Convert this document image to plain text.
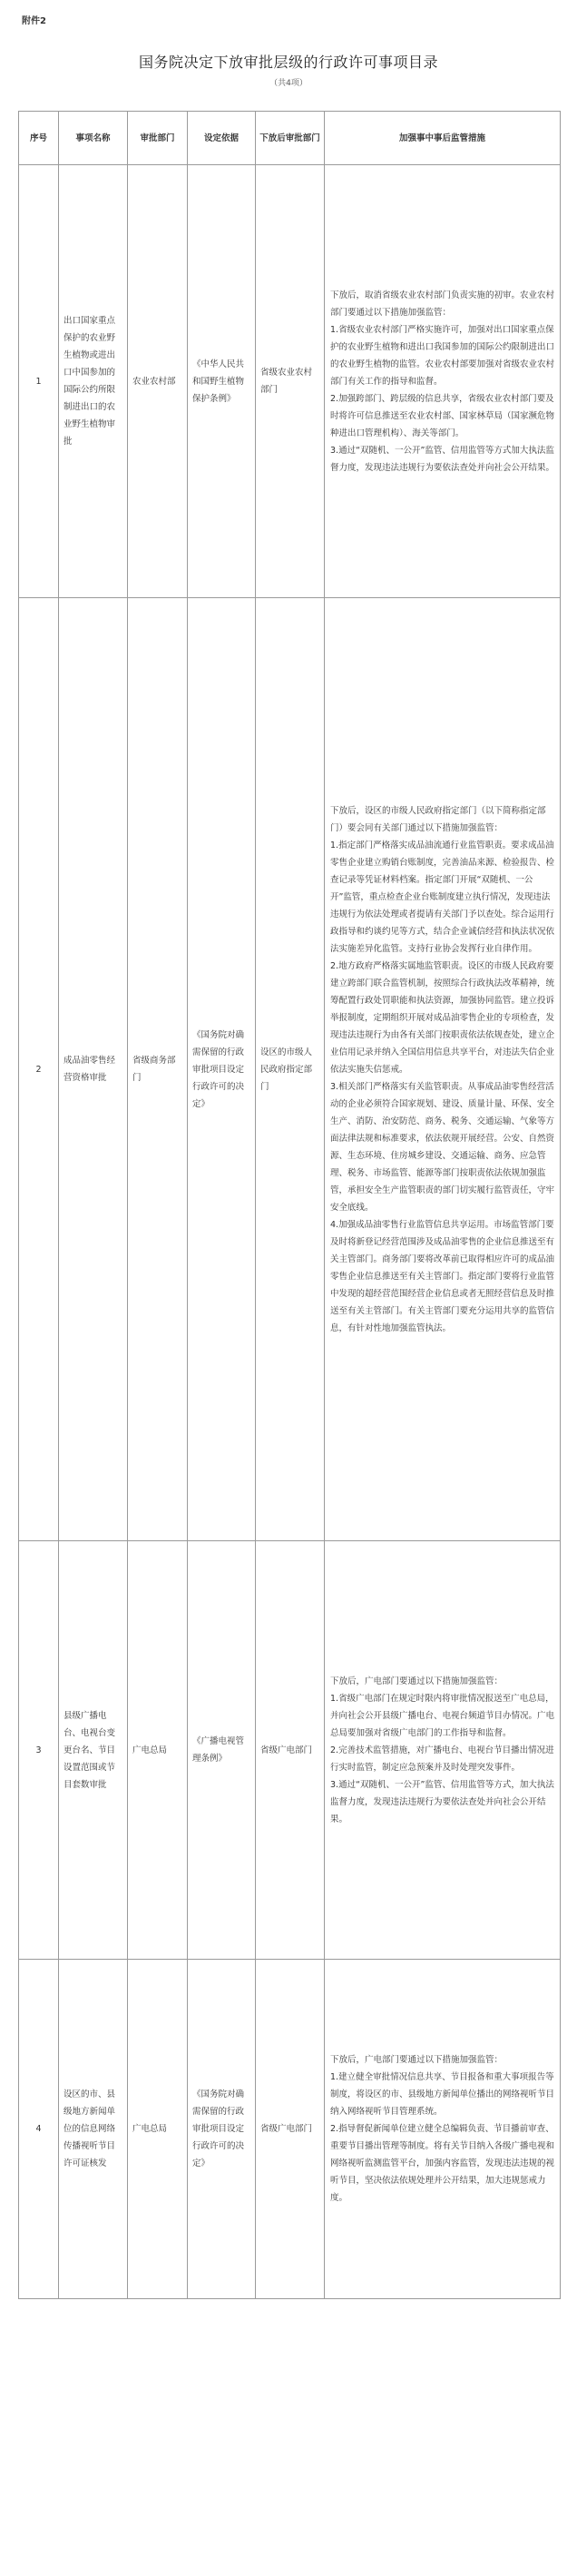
附件2
国务院决定下放审批层级的行政许可事项目录
（共4项）
序号	事项名称	审批部门	设定依据	下放后审批部门	加强事中事后监管措施
1	出口国家重点保护的农业野生植物或进出口中国参加的国际公约所限制进出口的农业野生植物审批	农业农村部	《中华人民共和国野生植物保护条例》	省级农业农村部门	下放后，取消省级农业农村部门负责实施的初审。农业农村部门要通过以下措施加强监管：

1.省级农业农村部门严格实施许可，加强对出口国家重点保护的农业野生植物和进出口我国参加的国际公约限制进出口的农业野生植物的监管。农业农村部要加强对省级农业农村部门有关工作的指导和监督。

2.加强跨部门、跨层级的信息共享，省级农业农村部门要及时将许可信息推送至农业农村部、国家林草局（国家濒危物种进出口管理机构）、海关等部门。

3.通过“双随机、一公开”监管、信用监管等方式加大执法监督力度，发现违法违规行为要依法查处并向社会公开结果。

2	成品油零售经营资格审批	省级商务部门	《国务院对确需保留的行政审批项目设定行政许可的决定》	设区的市级人民政府指定部门	下放后，设区的市级人民政府指定部门（以下简称指定部门）要会同有关部门通过以下措施加强监管：

1.指定部门严格落实成品油流通行业监管职责。要求成品油零售企业建立购销台账制度，完善油品来源、检验报告、检查记录等凭证材料档案。指定部门开展“双随机、一公开”监管，重点检查企业台账制度建立执行情况，发现违法违规行为依法处理或者提请有关部门予以查处。综合运用行政指导和约谈约见等方式，结合企业诚信经营和执法状况依法实施差异化监管。支持行业协会发挥行业自律作用。

2.地方政府严格落实属地监管职责。设区的市级人民政府要建立跨部门联合监管机制，按照综合行政执法改革精神，统筹配置行政处罚职能和执法资源，加强协同监管。建立投诉举报制度，定期组织开展对成品油零售企业的专项检查，发现违法违规行为由各有关部门按职责依法依规查处，建立企业信用记录并纳入全国信用信息共享平台，对违法失信企业依法实施失信惩戒。

3.相关部门严格落实有关监管职责。从事成品油零售经营活动的企业必须符合国家规划、建设、质量计量、环保、安全生产、消防、治安防范、商务、税务、交通运输、气象等方面法律法规和标准要求，依法依规开展经营。公安、自然资源、生态环境、住房城乡建设、交通运输、商务、应急管理、税务、市场监管、能源等部门按职责依法依规加强监管，承担安全生产监管职责的部门切实履行监管责任，守牢安全底线。

4.加强成品油零售行业监管信息共享运用。市场监管部门要及时将新登记经营范围涉及成品油零售的企业信息推送至有关主管部门。商务部门要将改革前已取得相应许可的成品油零售企业信息推送至有关主管部门。指定部门要将行业监管中发现的超经营范围经营企业信息或者无照经营信息及时推送至有关主管部门。有关主管部门要充分运用共享的监管信息，有针对性地加强监管执法。

3	县级广播电台、电视台变更台名、节目设置范围或节目套数审批	广电总局	《广播电视管理条例》	省级广电部门	下放后，广电部门要通过以下措施加强监管：

1.省级广电部门在规定时限内将审批情况报送至广电总局，并向社会公开县级广播电台、电视台频道节目办情况。广电总局要加强对省级广电部门的工作指导和监督。

2.完善技术监管措施，对广播电台、电视台节目播出情况进行实时监管，制定应急预案并及时处理突发事件。

3.通过“双随机、一公开”监管、信用监管等方式，加大执法监督力度，发现违法违规行为要依法查处并向社会公开结果。

4	设区的市、县级地方新闻单位的信息网络传播视听节目许可证核发	广电总局	《国务院对确需保留的行政审批项目设定行政许可的决定》	省级广电部门	下放后，广电部门要通过以下措施加强监管：

1.建立健全审批情况信息共享、节目报备和重大事项报告等制度，将设区的市、县级地方新闻单位播出的网络视听节目纳入网络视听节目管理系统。

2.指导督促新闻单位建立健全总编辑负责、节目播前审查、重要节目播出管理等制度。将有关节目纳入各级广播电视和网络视听监测监管平台，加强内容监管，发现违法违规的视听节目，坚决依法依规处理并公开结果，加大违规惩戒力度。
